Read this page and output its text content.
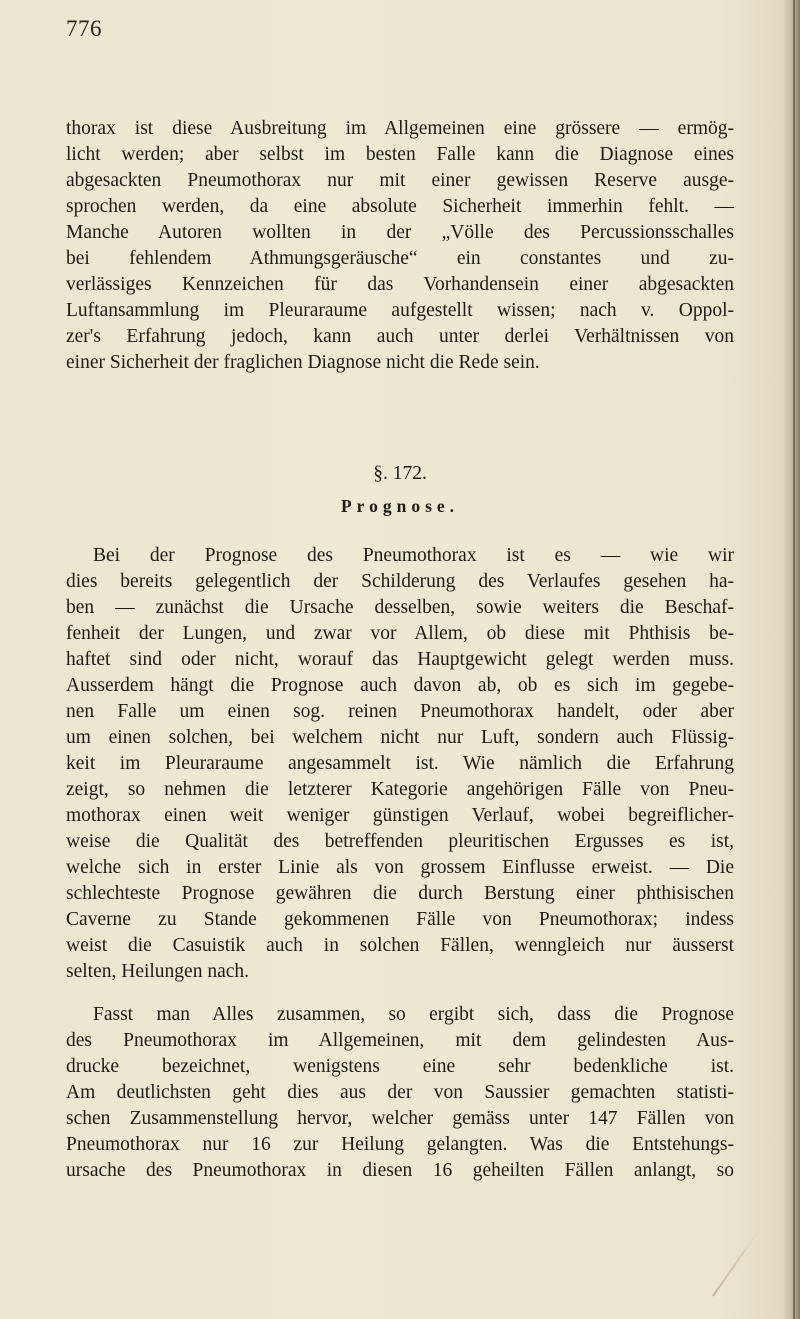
776
thorax ist diese Ausbreitung im Allgemeinen eine grössere — ermög-
licht werden; aber selbst im besten Falle kann die Diagnose eines
abgesackten Pneumothorax nur mit einer gewissen Reserve ausge-
sprochen werden, da eine absolute Sicherheit immerhin fehlt. —
Manche Autoren wollten in der „Völle des Percussionsschalles
bei fehlendem Athmungsgeräusche“ ein constantes und zu-
verlässiges Kennzeichen für das Vorhandensein einer abgesackten
Luftansammlung im Pleuraraume aufgestellt wissen; nach v. Oppol-
zer's Erfahrung jedoch, kann auch unter derlei Verhältnissen von
einer Sicherheit der fraglichen Diagnose nicht die Rede sein.
§. 172.
Prognose.
Bei der Prognose des Pneumothorax ist es — wie wir
dies bereits gelegentlich der Schilderung des Verlaufes gesehen ha-
ben — zunächst die Ursache desselben, sowie weiters die Beschaf-
fenheit der Lungen, und zwar vor Allem, ob diese mit Phthisis be-
haftet sind oder nicht, worauf das Hauptgewicht gelegt werden muss.
Ausserdem hängt die Prognose auch davon ab, ob es sich im gegebe-
nen Falle um einen sog. reinen Pneumothorax handelt, oder aber
um einen solchen, bei welchem nicht nur Luft, sondern auch Flüssig-
keit im Pleuraraume angesammelt ist. Wie nämlich die Erfahrung
zeigt, so nehmen die letzterer Kategorie angehörigen Fälle von Pneu-
mothorax einen weit weniger günstigen Verlauf, wobei begreiflicher-
weise die Qualität des betreffenden pleuritischen Ergusses es ist,
welche sich in erster Linie als von grossem Einflusse erweist. — Die
schlechteste Prognose gewähren die durch Berstung einer phthisischen
Caverne zu Stande gekommenen Fälle von Pneumothorax; indess
weist die Casuistik auch in solchen Fällen, wenngleich nur äusserst
selten, Heilungen nach.
Fasst man Alles zusammen, so ergibt sich, dass die Prognose
des Pneumothorax im Allgemeinen, mit dem gelindesten Aus-
drucke bezeichnet, wenigstens eine sehr bedenkliche ist.
Am deutlichsten geht dies aus der von Saussier gemachten statisti-
schen Zusammenstellung hervor, welcher gemäss unter 147 Fällen von
Pneumothorax nur 16 zur Heilung gelangten. Was die Entstehungs-
ursache des Pneumothorax in diesen 16 geheilten Fällen anlangt, so
